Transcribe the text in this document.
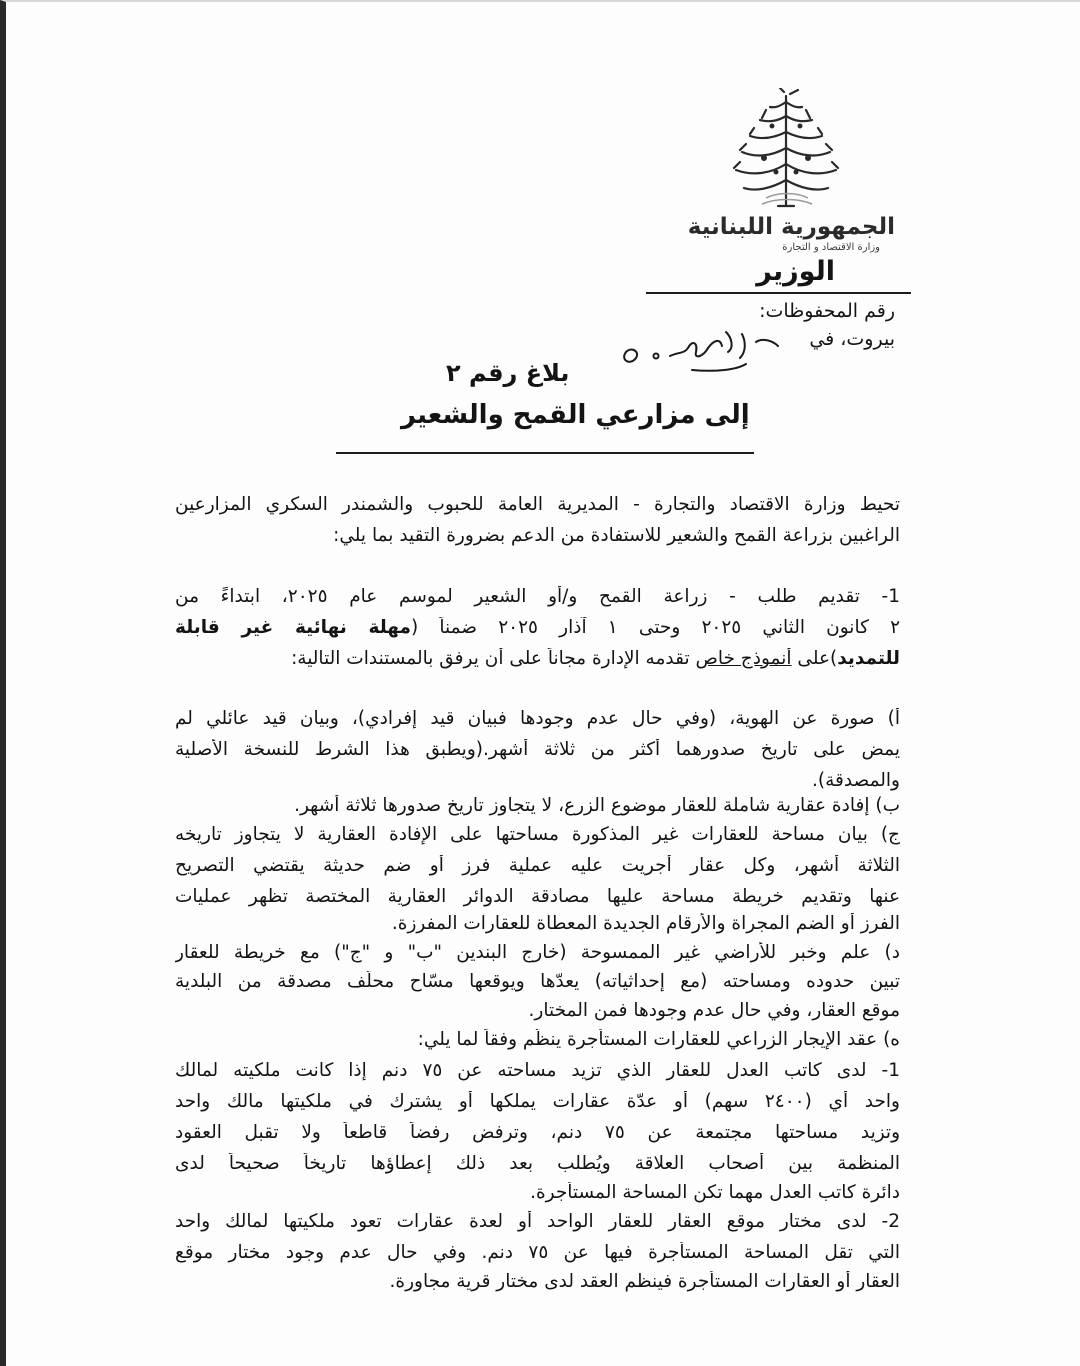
الجمهورية اللبنانية
وزارة الاقتصاد و التجارة
الوزير
رقم المحفوظات:
بيروت، في
بلاغ رقم ٢
إلى مزارعي القمح والشعير
تحيط وزارة الاقتصاد والتجارة - المديرية العامة للحبوب والشمندر السكري المزارعين
الراغبين بزراعة القمح والشعير للاستفادة من الدعم بضرورة التقيد بما يلي:
1- تقديم طلب - زراعة القمح و/أو الشعير لموسم عام ٢٠٢٥، ابتداءً من
٢ كانون الثاني ٢٠٢٥ وحتى ١ آذار ٢٠٢٥ ضمناً (مهلة نهائية غير قابلة
للتمديد)على أنموذج خاص تقدمه الإدارة مجاناً على أن يرفق بالمستندات التالية:
أ) صورة عن الهوية، (وفي حال عدم وجودها فبيان قيد إفرادي)، وبيان قيد عائلي لم
يمضِ على تاريخ صدورهما أكثر من ثلاثة أشهر.(ويطبق هذا الشرط للنسخة الأصلية
والمصدقة).
ب) إفادة عقارية شاملة للعقار موضوع الزرع، لا يتجاوز تاريخ صدورها ثلاثة أشهر.
ج) بيان مساحة للعقارات غير المذكورة مساحتها على الإفادة العقارية لا يتجاوز تاريخه
الثلاثة أشهر، وكل عقار أجريت عليه عملية فرز أو ضم حديثة يقتضي التصريح
عنها وتقديم خريطة مساحة عليها مصادقة الدوائر العقارية المختصة تظهر عمليات
الفرز أو الضم المجراة والأرقام الجديدة المعطاة للعقارات المفرزة.
د) علم وخبر للأراضي غير الممسوحة (خارج البندين "ب" و "ج") مع خريطة للعقار
تبين حدوده ومساحته (مع إحداثياته) يعدّها ويوقعها مسّاح محلّف مصدقة من البلدية
موقع العقار، وفي حال عدم وجودها فمن المختار.
ه) عقد الإيجار الزراعي للعقارات المستأجرة ينظّم وفقاً لما يلي:
1- لدى كاتب العدل للعقار الذي تزيد مساحته عن ٧٥ دنم إذا كانت ملكيته لمالك
واحد أي (٢٤٠٠ سهم) أو عدّة عقارات يملكها أو يشترك في ملكيتها مالك واحد
وتزيد مساحتها مجتمعة عن ٧٥ دنم، وترفض رفضاً قاطعاً ولا تقبل العقود
المنظمة بين أصحاب العلاقة ويُطلب بعد ذلك إعطاؤها تاريخاً صحيحاً لدى
دائرة كاتب العدل مهما تكن المساحة المستأجرة.
2- لدى مختار موقع العقار للعقار الواحد أو لعدة عقارات تعود ملكيتها لمالك واحد
التي تقل المساحة المستأجرة فيها عن ٧٥ دنم. وفي حال عدم وجود مختار موقع
العقار أو العقارات المستأجرة فينظم العقد لدى مختار قرية مجاورة.
